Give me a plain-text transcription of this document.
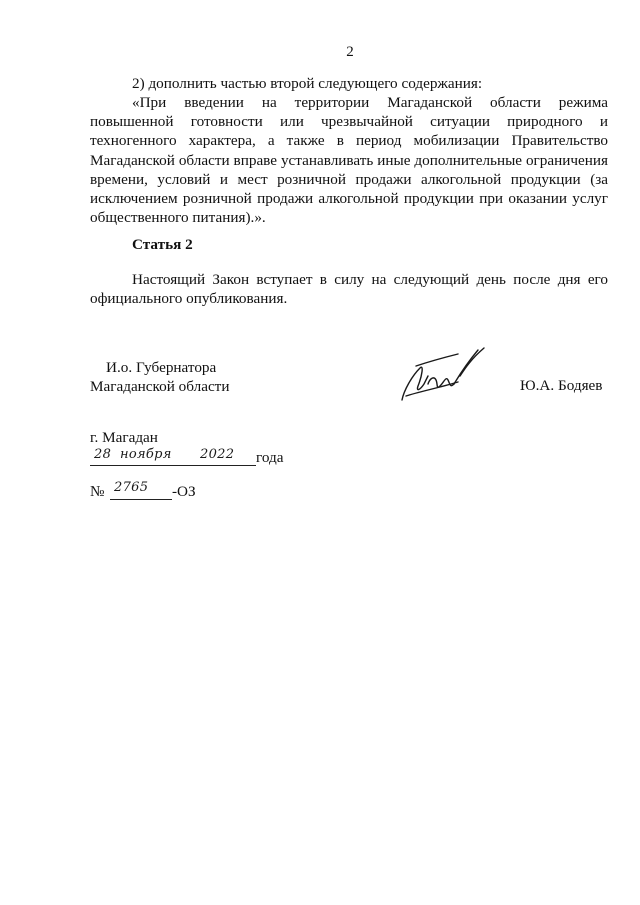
2

2) дополнить частью второй следующего содержания:

«При введении на территории Магаданской области режима повышенной готовности или чрезвычайной ситуации природного и техногенного характера, а также в период мобилизации Правительство Магаданской области вправе устанавливать иные дополнительные ограничения времени, условий и мест розничной продажи алкогольной продукции (за исключением розничной продажи алкогольной продукции при оказании услуг общественного питания).».

Статья 2

Настоящий Закон вступает в силу на следующий день после дня его официального опубликования.

И.о. Губернатора
Магаданской области	Ю.А. Бодяев

г. Магадан

28 ноября 2022 года
№ 2765 -ОЗ
